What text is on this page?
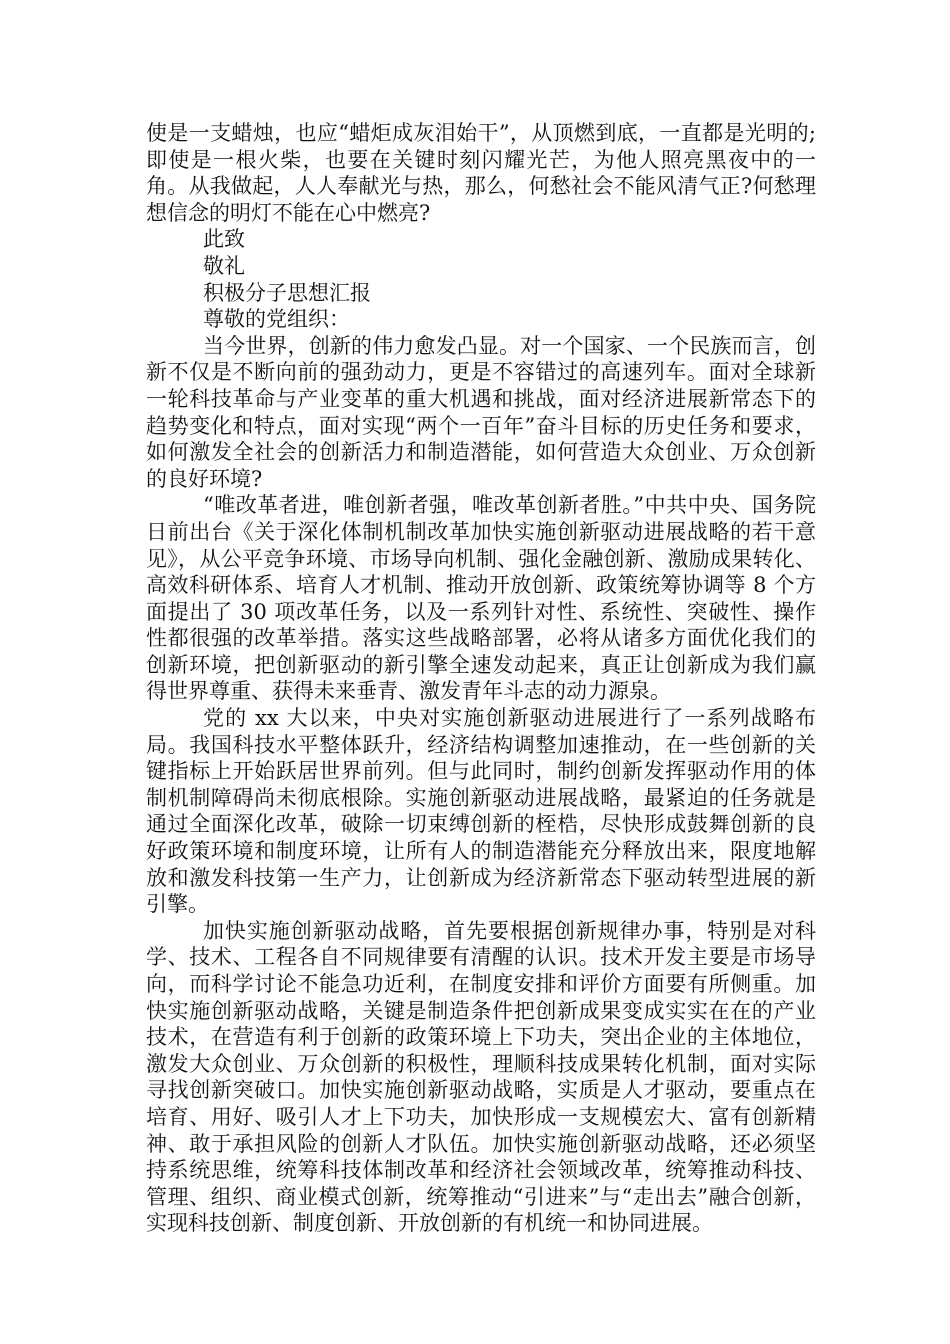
使是一支蜡烛，也应“蜡炬成灰泪始干”，从顶燃到底，一直都是光明的;即使是一根火柴，也要在关键时刻闪耀光芒，为他人照亮黑夜中的一角。从我做起，人人奉献光与热，那么，何愁社会不能风清气正?何愁理想信念的明灯不能在心中燃亮?

此致

敬礼

积极分子思想汇报

尊敬的党组织：

当今世界，创新的伟力愈发凸显。对一个国家、一个民族而言，创新不仅是不断向前的强劲动力，更是不容错过的高速列车。面对全球新一轮科技革命与产业变革的重大机遇和挑战，面对经济进展新常态下的趋势变化和特点，面对实现“两个一百年”奋斗目标的历史任务和要求，如何激发全社会的创新活力和制造潜能，如何营造大众创业、万众创新的良好环境?

“唯改革者进，唯创新者强，唯改革创新者胜。”中共中央、国务院日前出台《关于深化体制机制改革加快实施创新驱动进展战略的若干意见》，从公平竞争环境、市场导向机制、强化金融创新、激励成果转化、高效科研体系、培育人才机制、推动开放创新、政策统筹协调等 8 个方面提出了 30 项改革任务，以及一系列针对性、系统性、突破性、操作性都很强的改革举措。落实这些战略部署，必将从诸多方面优化我们的创新环境，把创新驱动的新引擎全速发动起来，真正让创新成为我们赢得世界尊重、获得未来垂青、激发青年斗志的动力源泉。

党的 xx 大以来，中央对实施创新驱动进展进行了一系列战略布局。我国科技水平整体跃升，经济结构调整加速推动，在一些创新的关键指标上开始跃居世界前列。但与此同时，制约创新发挥驱动作用的体制机制障碍尚未彻底根除。实施创新驱动进展战略，最紧迫的任务就是通过全面深化改革，破除一切束缚创新的桎梏，尽快形成鼓舞创新的良好政策环境和制度环境，让所有人的制造潜能充分释放出来，限度地解放和激发科技第一生产力，让创新成为经济新常态下驱动转型进展的新引擎。

加快实施创新驱动战略，首先要根据创新规律办事，特别是对科学、技术、工程各自不同规律要有清醒的认识。技术开发主要是市场导向，而科学讨论不能急功近利，在制度安排和评价方面要有所侧重。加快实施创新驱动战略，关键是制造条件把创新成果变成实实在在的产业技术，在营造有利于创新的政策环境上下功夫，突出企业的主体地位，激发大众创业、万众创新的积极性，理顺科技成果转化机制，面对实际寻找创新突破口。加快实施创新驱动战略，实质是人才驱动，要重点在培育、用好、吸引人才上下功夫，加快形成一支规模宏大、富有创新精神、敢于承担风险的创新人才队伍。加快实施创新驱动战略，还必须坚持系统思维，统筹科技体制改革和经济社会领域改革，统筹推动科技、管理、组织、商业模式创新，统筹推动“引进来”与“走出去”融合创新，实现科技创新、制度创新、开放创新的有机统一和协同进展。
